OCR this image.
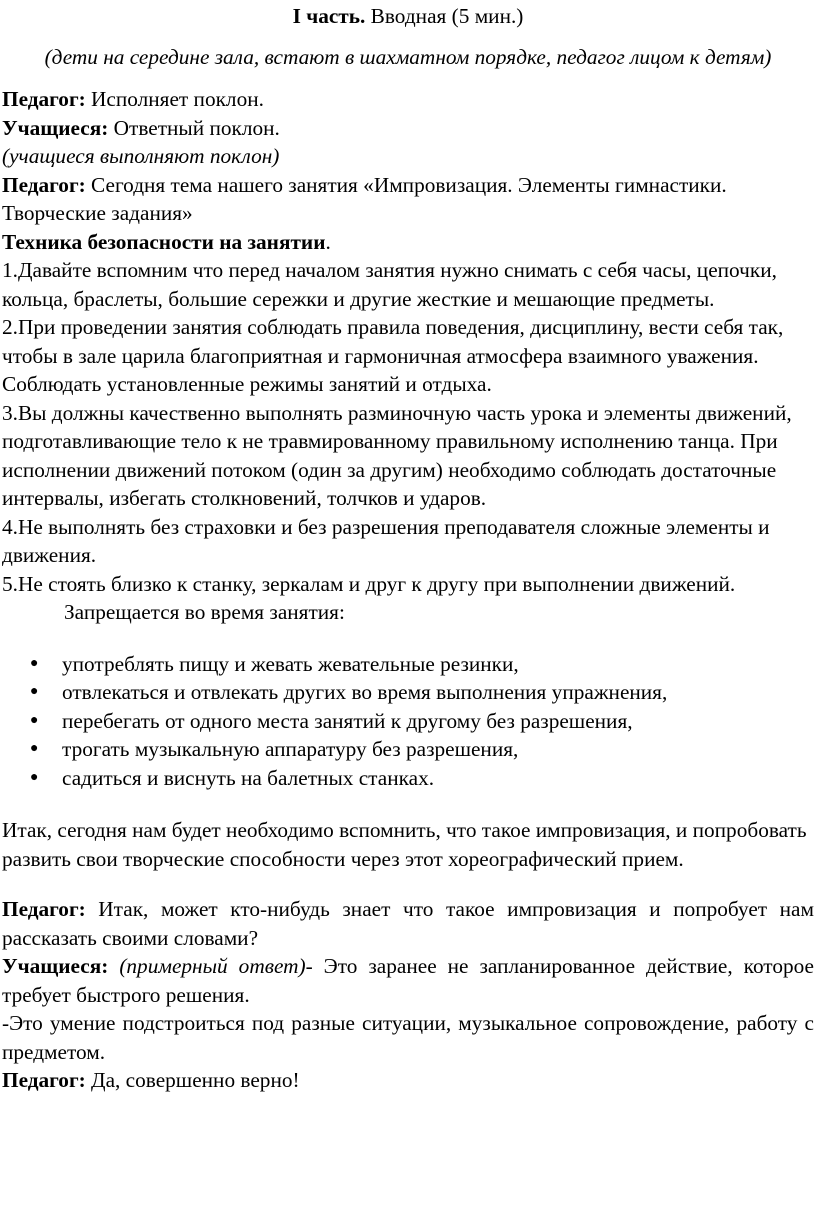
I часть. Вводная (5 мин.)
(дети на середине зала, встают в шахматном порядке, педагог лицом к детям)

Педагог: Исполняет поклон.

Учащиеся: Ответный поклон.

(учащиеся выполняют поклон)

Педагог: Сегодня тема нашего занятия «Импровизация. Элементы гимнастики. Творческие задания»

Техника безопасности на занятии.

1.Давайте вспомним что перед началом занятия нужно снимать с себя часы, цепочки, кольца, браслеты, большие сережки и другие жесткие и мешающие предметы.

2.При проведении занятия соблюдать правила поведения, дисциплину, вести себя так, чтобы в зале царила благоприятная и гармоничная атмосфера взаимного уважения. Соблюдать установленные режимы занятий и отдыха.

3.Вы должны качественно выполнять разминочную часть урока и элементы движений, подготавливающие тело к не травмированному правильному исполнению танца. При исполнении движений потоком (один за другим) необходимо соблюдать достаточные интервалы, избегать столкновений, толчков и ударов.

4.Не выполнять без страховки и без разрешения преподавателя сложные элементы и движения.

5.Не стоять близко к станку, зеркалам и друг к другу при выполнении движений.

Запрещается во время занятия:

● употреблять пищу и жевать жевательные резинки,
● отвлекаться и отвлекать других во время выполнения упражнения,
● перебегать от одного места занятий к другому без разрешения,
● трогать музыкальную аппаратуру без разрешения,
● садиться и виснуть на балетных станках.

Итак, сегодня нам будет необходимо вспомнить, что такое импровизация, и попробовать развить свои творческие способности через этот хореографический прием.

Педагог: Итак, может кто-нибудь знает что такое импровизация и попробует нам рассказать своими словами?

Учащиеся: (примерный ответ)- Это заранее не запланированное действие, которое требует быстрого решения.

-Это умение подстроиться под разные ситуации, музыкальное сопровождение, работу с предметом.

Педагог: Да, совершенно верно!
